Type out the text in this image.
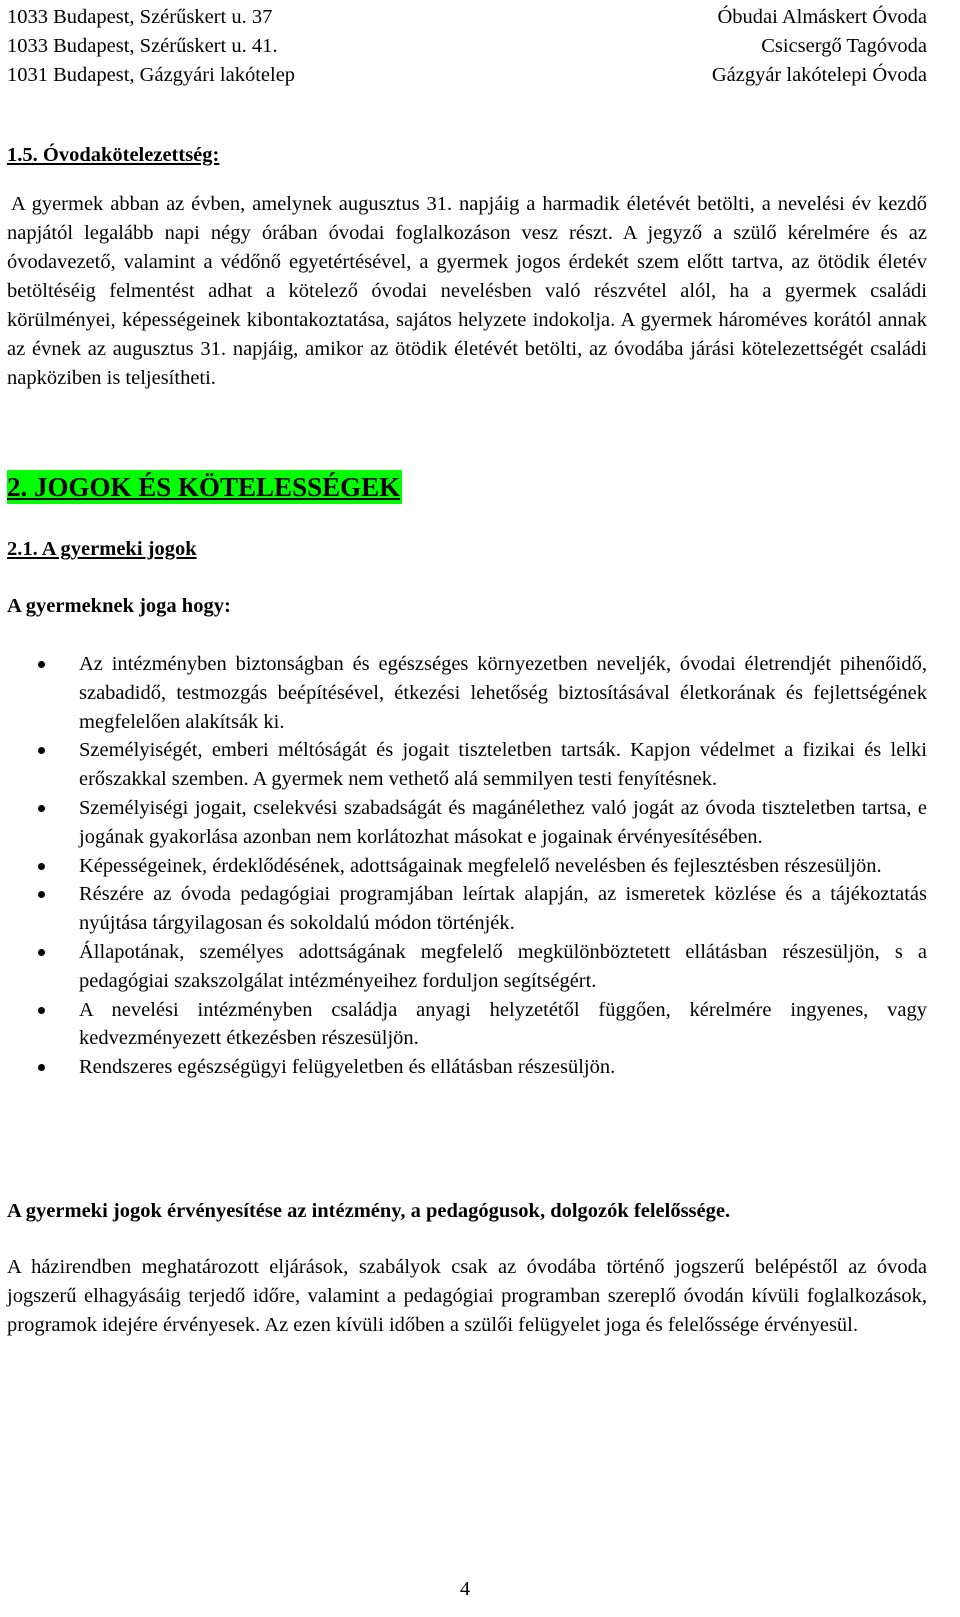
1033 Budapest, Szérűskert u. 37	Óbudai Almáskert Óvoda
1033 Budapest, Szérűskert u. 41.	Csicsergő Tagóvoda
1031 Budapest, Gázgyári lakótelep	Gázgyár lakótelepi Óvoda
1.5. Óvodakötelezettség:
A gyermek abban az évben, amelynek augusztus 31. napjáig a harmadik életévét betölti, a nevelési év kezdő napjától legalább napi négy órában óvodai foglalkozáson vesz részt. A jegyző a szülő kérelmére és az óvodavezető, valamint a védőnő egyetértésével, a gyermek jogos érdekét szem előtt tartva, az ötödik életév betöltéséig felmentést adhat a kötelező óvodai nevelésben való részvétel alól, ha a gyermek családi körülményei, képességeinek kibontakoztatása, sajátos helyzete indokolja. A gyermek hároméves korától annak az évnek az augusztus 31. napjáig, amikor az ötödik életévét betölti, az óvodába járási kötelezettségét családi napköziben is teljesítheti.
2. JOGOK ÉS KÖTELESSÉGEK
2.1. A gyermeki jogok
A gyermeknek joga hogy:
Az intézményben biztonságban és egészséges környezetben neveljék, óvodai életrendjét pihenőidő, szabadidő, testmozgás beépítésével, étkezési lehetőség biztosításával életkorának és fejlettségének megfelelően alakítsák ki.
Személyiségét, emberi méltóságát és jogait tiszteletben tartsák. Kapjon védelmet a fizikai és lelki erőszakkal szemben. A gyermek nem vethető alá semmilyen testi fenyítésnek.
Személyiségi jogait, cselekvési szabadságát és magánélethez való jogát az óvoda tiszteletben tartsa, e jogának gyakorlása azonban nem korlátozhat másokat e jogainak érvényesítésében.
Képességeinek, érdeklődésének, adottságainak megfelelő nevelésben és fejlesztésben részesüljön.
Részére az óvoda pedagógiai programjában leírtak alapján, az ismeretek közlése és a tájékoztatás nyújtása tárgyilagosan és sokoldalú módon történjék.
Állapotának, személyes adottságának megfelelő megkülönböztetett ellátásban részesüljön, s a pedagógiai szakszolgálat intézményeihez forduljon segítségért.
A nevelési intézményben családja anyagi helyzetétől függően, kérelmére ingyenes, vagy kedvezményezett étkezésben részesüljön.
Rendszeres egészségügyi felügyeletben és ellátásban részesüljön.
A gyermeki jogok érvényesítése az intézmény, a pedagógusok, dolgozók felelőssége.
A házirendben meghatározott eljárások, szabályok csak az óvodába történő jogszerű belépéstől az óvoda jogszerű elhagyásáig terjedő időre, valamint a pedagógiai programban szereplő óvodán kívüli foglalkozások, programok idejére érvényesek. Az ezen kívüli időben a szülői felügyelet joga és felelőssége érvényesül.
4
